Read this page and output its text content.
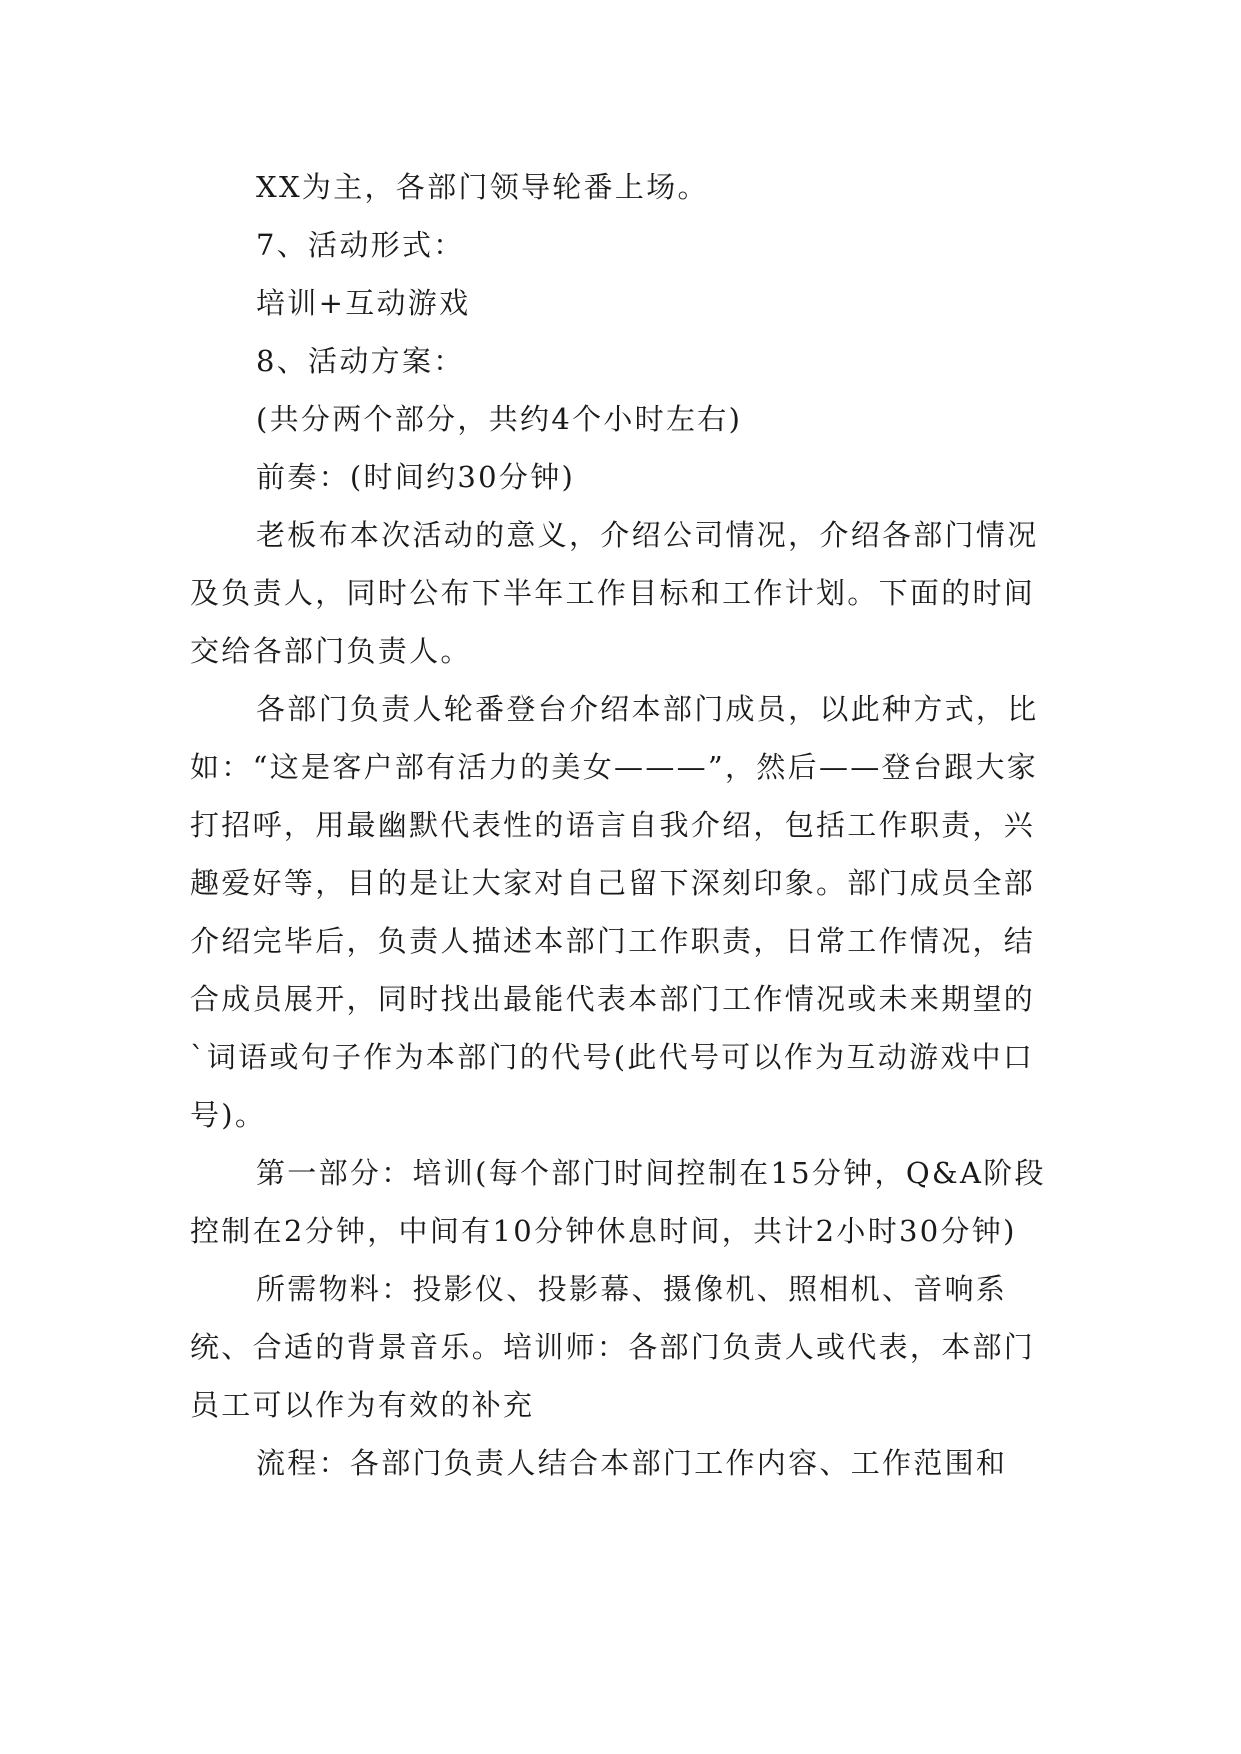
XX为主，各部门领导轮番上场。

7、活动形式：

培训+互动游戏

8、活动方案：

(共分两个部分，共约4个小时左右)

前奏：(时间约30分钟)

老板布本次活动的意义，介绍公司情况，介绍各部门情况及负责人，同时公布下半年工作目标和工作计划。下面的时间交给各部门负责人。

各部门负责人轮番登台介绍本部门成员，以此种方式，比如：“这是客户部有活力的美女———”，然后——登台跟大家打招呼，用最幽默代表性的语言自我介绍，包括工作职责，兴趣爱好等，目的是让大家对自己留下深刻印象。部门成员全部介绍完毕后，负责人描述本部门工作职责，日常工作情况，结合成员展开，同时找出最能代表本部门工作情况或未来期望的`词语或句子作为本部门的代号(此代号可以作为互动游戏中口号)。

第一部分：培训(每个部门时间控制在15分钟，Q&A阶段控制在2分钟，中间有10分钟休息时间，共计2小时30分钟)

所需物料：投影仪、投影幕、摄像机、照相机、音响系统、合适的背景音乐。培训师：各部门负责人或代表，本部门员工可以作为有效的补充

流程：各部门负责人结合本部门工作内容、工作范围和
